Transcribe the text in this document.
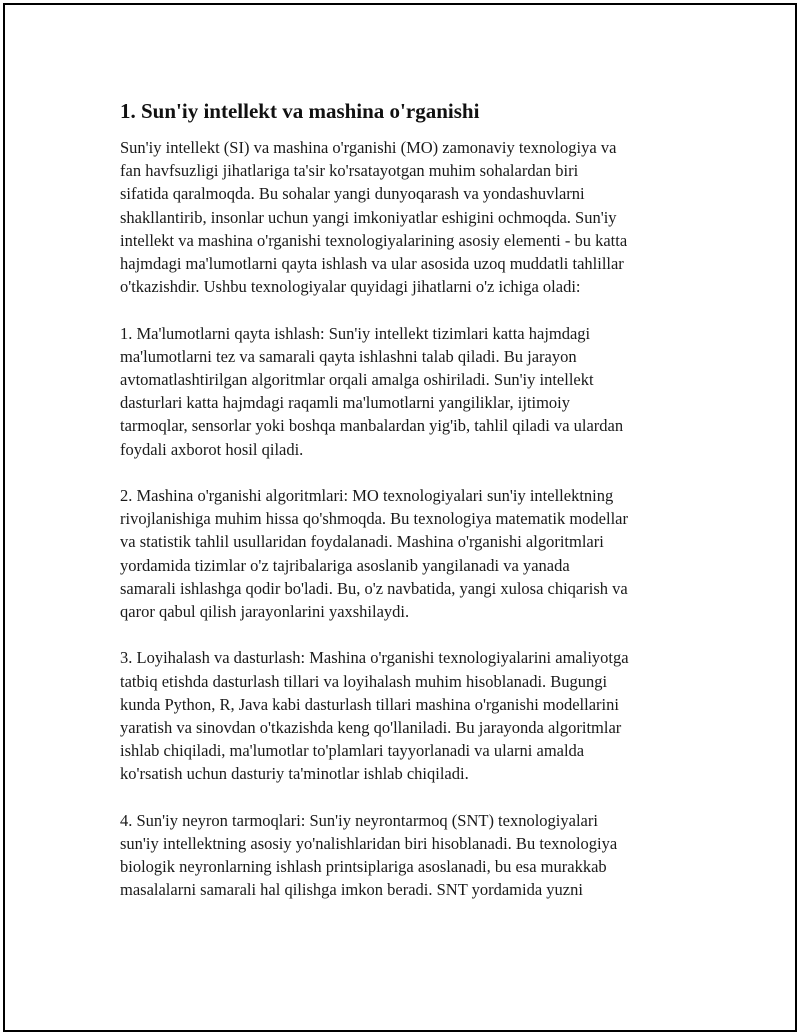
1. Sun'iy intellekt va mashina o'rganishi

Sun'iy intellekt (SI) va mashina o'rganishi (MO) zamonaviy texnologiya va
fan havfsuzligi jihatlariga ta'sir ko'rsatayotgan muhim sohalardan biri
sifatida qaralmoqda. Bu sohalar yangi dunyoqarash va yondashuvlarni
shakllantirib, insonlar uchun yangi imkoniyatlar eshigini ochmoqda. Sun'iy
intellekt va mashina o'rganishi texnologiyalarining asosiy elementi - bu katta
hajmdagi ma'lumotlarni qayta ishlash va ular asosida uzoq muddatli tahlillar
o'tkazishdir. Ushbu texnologiyalar quyidagi jihatlarni o'z ichiga oladi:

1. Ma'lumotlarni qayta ishlash: Sun'iy intellekt tizimlari katta hajmdagi
ma'lumotlarni tez va samarali qayta ishlashni talab qiladi. Bu jarayon
avtomatlashtirilgan algoritmlar orqali amalga oshiriladi. Sun'iy intellekt
dasturlari katta hajmdagi raqamli ma'lumotlarni yangiliklar, ijtimoiy
tarmoqlar, sensorlar yoki boshqa manbalardan yig'ib, tahlil qiladi va ulardan
foydali axborot hosil qiladi.

2. Mashina o'rganishi algoritmlari: MO texnologiyalari sun'iy intellektning
rivojlanishiga muhim hissa qo'shmoqda. Bu texnologiya matematik modellar
va statistik tahlil usullaridan foydalanadi. Mashina o'rganishi algoritmlari
yordamida tizimlar o'z tajribalariga asoslanib yangilanadi va yanada
samarali ishlashga qodir bo'ladi. Bu, o'z navbatida, yangi xulosa chiqarish va
qaror qabul qilish jarayonlarini yaxshilaydi.

3. Loyihalash va dasturlash: Mashina o'rganishi texnologiyalarini amaliyotga
tatbiq etishda dasturlash tillari va loyihalash muhim hisoblanadi. Bugungi
kunda Python, R, Java kabi dasturlash tillari mashina o'rganishi modellarini
yaratish va sinovdan o'tkazishda keng qo'llaniladi. Bu jarayonda algoritmlar
ishlab chiqiladi, ma'lumotlar to'plamlari tayyorlanadi va ularni amalda
ko'rsatish uchun dasturiy ta'minotlar ishlab chiqiladi.

4. Sun'iy neyron tarmoqlari: Sun'iy neyrontarmoq (SNT) texnologiyalari
sun'iy intellektning asosiy yo'nalishlaridan biri hisoblanadi. Bu texnologiya
biologik neyronlarning ishlash printsiplariga asoslanadi, bu esa murakkab
masalalarni samarali hal qilishga imkon beradi. SNT yordamida yuzni
